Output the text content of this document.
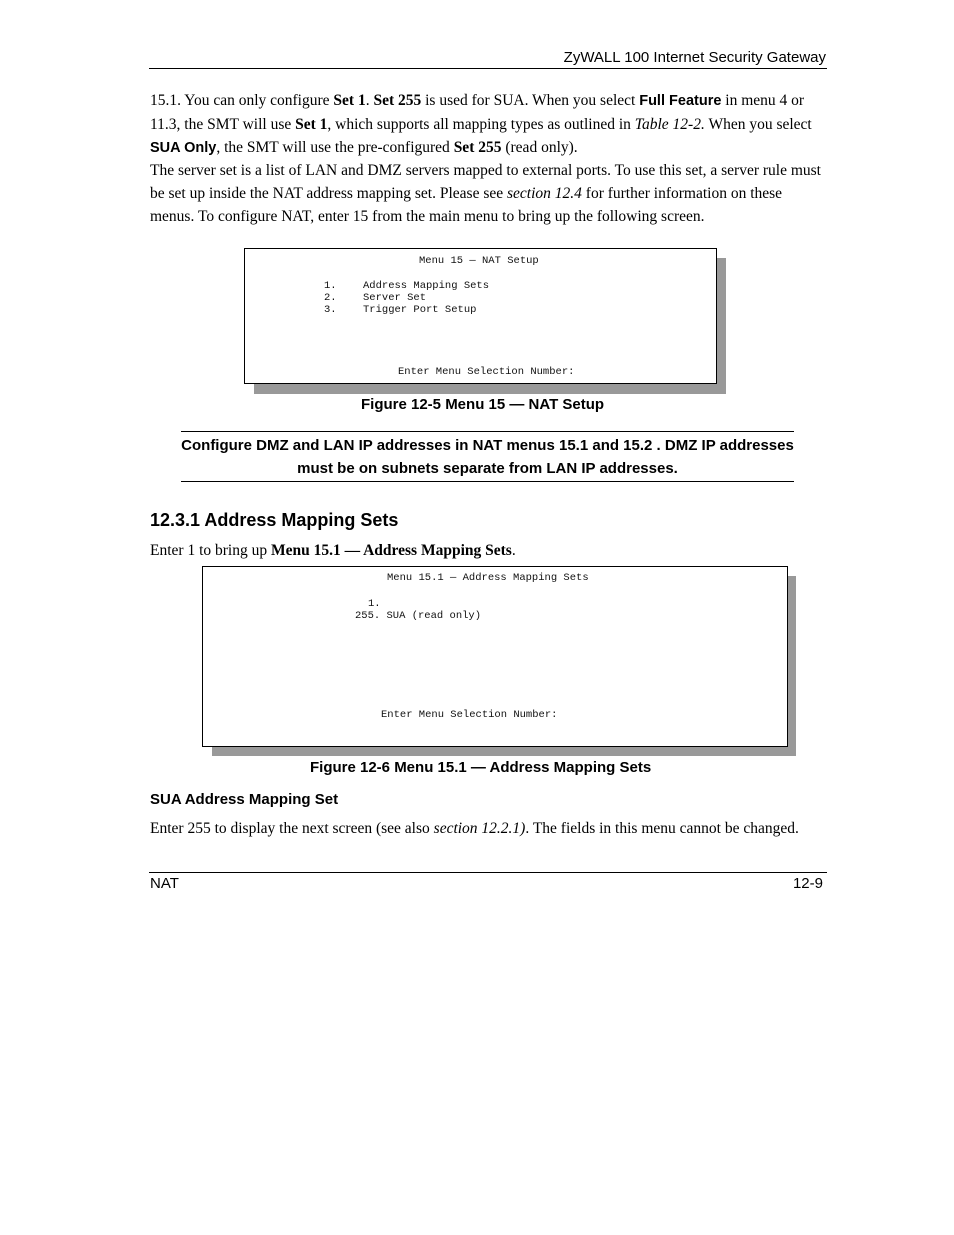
ZyWALL 100 Internet Security Gateway
15.1. You can only configure Set 1. Set 255 is used for SUA. When you select Full Feature in menu 4 or 11.3, the SMT will use Set 1, which supports all mapping types as outlined in Table 12-2. When you select SUA Only, the SMT will use the pre-configured Set 255 (read only).
The server set is a list of LAN and DMZ servers mapped to external ports. To use this set, a server rule must be set up inside the NAT address mapping set. Please see section 12.4 for further information on these menus. To configure NAT, enter 15 from the main menu to bring up the following screen.
Menu 15 — NAT Setup
1.	Address Mapping Sets
2.	Server Set
3.	Trigger Port Setup
Enter Menu Selection Number:
Figure 12-5 Menu 15 — NAT Setup
Configure DMZ and LAN IP addresses in NAT menus 15.1 and 15.2 . DMZ IP addresses must be on subnets separate from LAN IP addresses.
12.3.1 Address Mapping Sets
Enter 1 to bring up Menu 15.1 — Address Mapping Sets.
Menu 15.1 — Address Mapping Sets
1.
255. SUA (read only)
Enter Menu Selection Number:
Figure 12-6 Menu 15.1 — Address Mapping Sets
SUA Address Mapping Set
Enter 255 to display the next screen (see also section 12.2.1). The fields in this menu cannot be changed.
NAT	12-9
